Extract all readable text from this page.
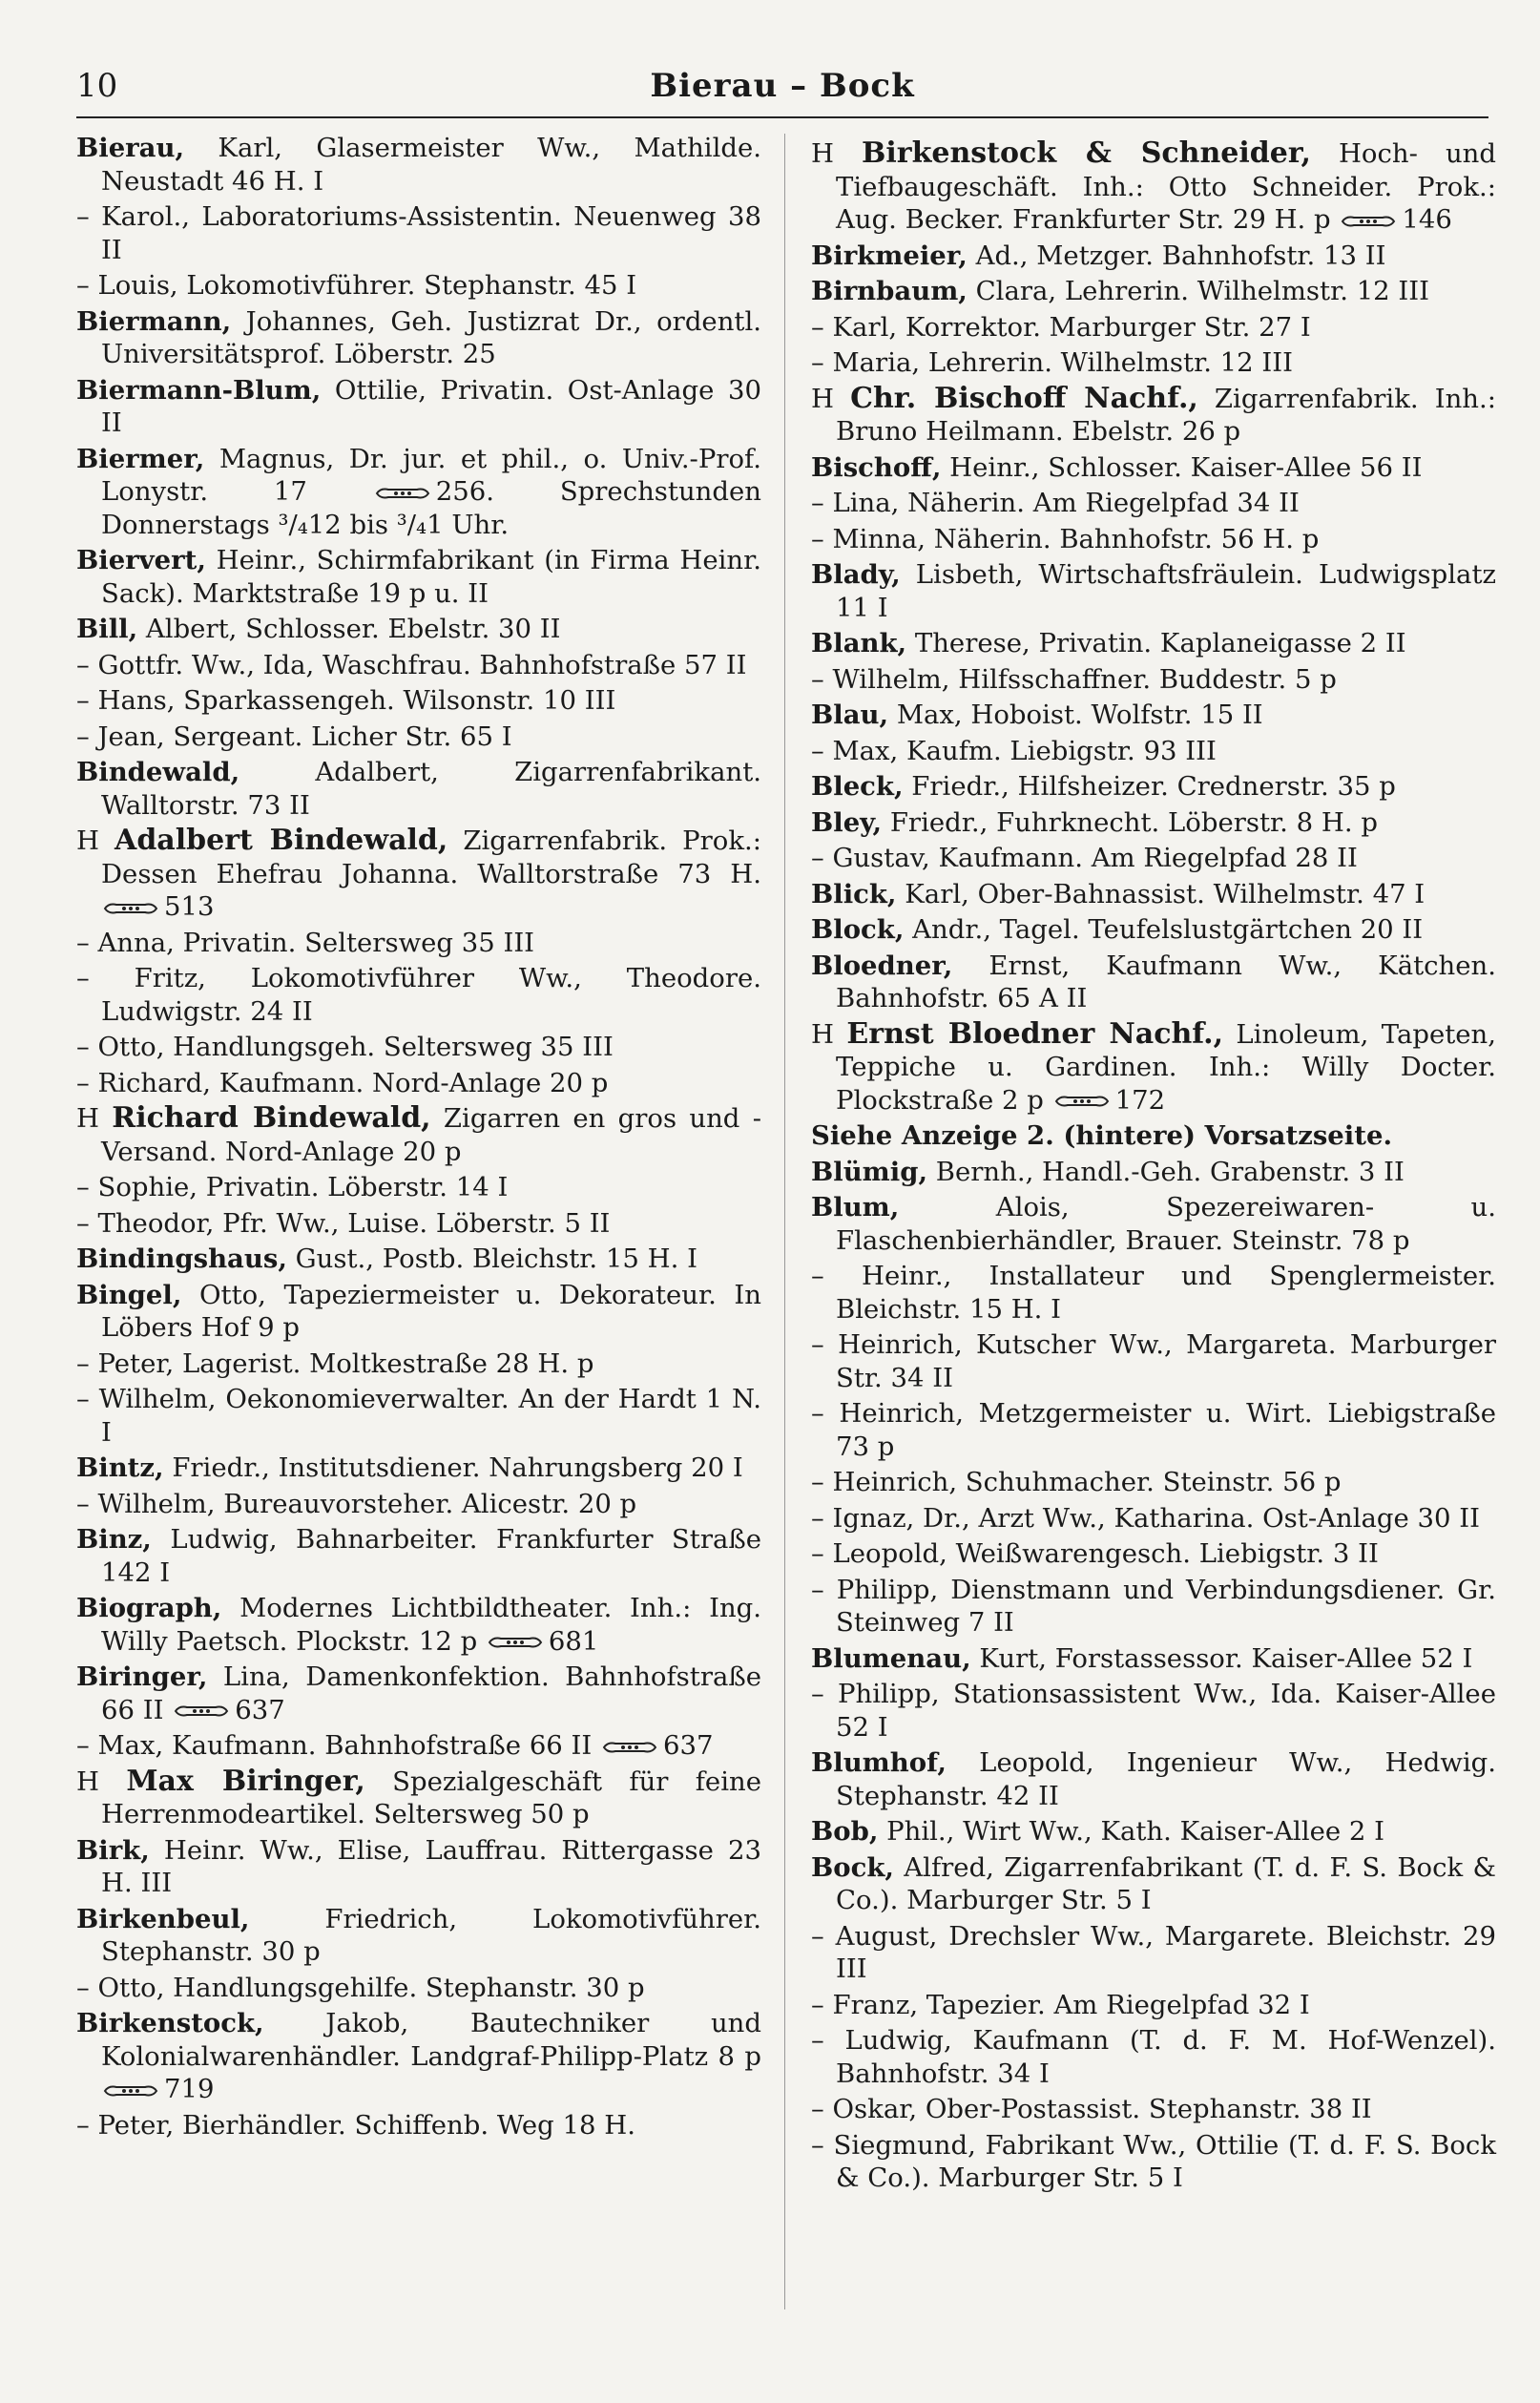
10	Bierau – Bock
Bierau, Karl, Glasermeister Ww., Mathilde. Neustadt 46 H. I
– Karol., Laboratoriums-Assistentin. Neuenweg 38 II
– Louis, Lokomotivführer. Stephanstr. 45 I
Biermann, Johannes, Geh. Justizrat Dr., ordentl. Universitätsprof. Löberstr. 25
Biermann-Blum, Ottilie, Privatin. Ost-Anlage 30 II
Biermer, Magnus, Dr. jur. et phil., o. Univ.-Prof. Lonystr. 17	256. Sprechstunden Donnerstags ³/₄12 bis ³/₄1 Uhr.
Biervert, Heinr., Schirmfabrikant (in Firma Heinr. Sack). Marktstraße 19 p u. II
Bill, Albert, Schlosser. Ebelstr. 30 II
– Gottfr. Ww., Ida, Waschfrau. Bahnhofstraße 57 II
– Hans, Sparkassengeh. Wilsonstr. 10 III
– Jean, Sergeant. Licher Str. 65 I
Bindewald, Adalbert, Zigarrenfabrikant. Walltorstr. 73 II
H Adalbert Bindewald, Zigarrenfabrik. Prok.: Dessen Ehefrau Johanna. Walltorstraße 73 H.
513
– Anna, Privatin. Seltersweg 35 III
– Fritz, Lokomotivführer Ww., Theodore. Ludwigstr. 24 II
– Otto, Handlungsgeh. Seltersweg 35 III
– Richard, Kaufmann. Nord-Anlage 20 p
H Richard Bindewald, Zigarren en gros und -Versand. Nord-Anlage 20 p
– Sophie, Privatin. Löberstr. 14 I
– Theodor, Pfr. Ww., Luise. Löberstr. 5 II
Bindingshaus, Gust., Postb. Bleichstr. 15 H. I
Bingel, Otto, Tapeziermeister u. Dekorateur. In Löbers Hof 9 p
– Peter, Lagerist. Moltkestraße 28 H. p
– Wilhelm, Oekonomieverwalter. An der Hardt 1 N. I
Bintz, Friedr., Institutsdiener. Nahrungsberg 20 I
– Wilhelm, Bureauvorsteher. Alicestr. 20 p
Binz, Ludwig, Bahnarbeiter. Frankfurter Straße 142 I
Biograph, Modernes Lichtbildtheater. Inh.: Ing. Willy Paetsch. Plockstr. 12 p	681
Biringer, Lina, Damenkonfektion. Bahnhofstraße 66 II	637
– Max, Kaufmann. Bahnhofstraße 66 II	637
H Max Biringer, Spezialgeschäft für feine Herrenmodeartikel. Seltersweg 50 p
Birk, Heinr. Ww., Elise, Lauffrau. Rittergasse 23 H. III
Birkenbeul, Friedrich, Lokomotivführer. Stephanstr. 30 p
– Otto, Handlungsgehilfe. Stephanstr. 30 p
Birkenstock, Jakob, Bautechniker und Kolonialwarenhändler. Landgraf-Philipp-Platz 8 p
719
– Peter, Bierhändler. Schiffenb. Weg 18 H.
H Birkenstock & Schneider, Hoch- und Tiefbaugeschäft. Inh.: Otto Schneider. Prok.: Aug. Becker. Frankfurter Str. 29 H. p	146
Birkmeier, Ad., Metzger. Bahnhofstr. 13 II
Birnbaum, Clara, Lehrerin. Wilhelmstr. 12 III
– Karl, Korrektor. Marburger Str. 27 I
– Maria, Lehrerin. Wilhelmstr. 12 III
H Chr. Bischoff Nachf., Zigarrenfabrik. Inh.: Bruno Heilmann. Ebelstr. 26 p
Bischoff, Heinr., Schlosser. Kaiser-Allee 56 II
– Lina, Näherin. Am Riegelpfad 34 II
– Minna, Näherin. Bahnhofstr. 56 H. p
Blady, Lisbeth, Wirtschaftsfräulein. Ludwigsplatz 11 I
Blank, Therese, Privatin. Kaplaneigasse 2 II
– Wilhelm, Hilfsschaffner. Buddestr. 5 p
Blau, Max, Hoboist. Wolfstr. 15 II
– Max, Kaufm. Liebigstr. 93 III
Bleck, Friedr., Hilfsheizer. Crednerstr. 35 p
Bley, Friedr., Fuhrknecht. Löberstr. 8 H. p
– Gustav, Kaufmann. Am Riegelpfad 28 II
Blick, Karl, Ober-Bahnassist. Wilhelmstr. 47 I
Block, Andr., Tagel. Teufelslustgärtchen 20 II
Bloedner, Ernst, Kaufmann Ww., Kätchen. Bahnhofstr. 65 A II
H Ernst Bloedner Nachf., Linoleum, Tapeten, Teppiche u. Gardinen. Inh.: Willy Docter. Plockstraße 2 p	172
Siehe Anzeige 2. (hintere) Vorsatzseite.
Blümig, Bernh., Handl.-Geh. Grabenstr. 3 II
Blum, Alois, Spezereiwaren- u. Flaschenbierhändler, Brauer. Steinstr. 78 p
– Heinr., Installateur und Spenglermeister. Bleichstr. 15 H. I
– Heinrich, Kutscher Ww., Margareta. Marburger Str. 34 II
– Heinrich, Metzgermeister u. Wirt. Liebigstraße 73 p
– Heinrich, Schuhmacher. Steinstr. 56 p
– Ignaz, Dr., Arzt Ww., Katharina. Ost-Anlage 30 II
– Leopold, Weißwarengesch. Liebigstr. 3 II
– Philipp, Dienstmann und Verbindungsdiener. Gr. Steinweg 7 II
Blumenau, Kurt, Forstassessor. Kaiser-Allee 52 I
– Philipp, Stationsassistent Ww., Ida. Kaiser-Allee 52 I
Blumhof, Leopold, Ingenieur Ww., Hedwig. Stephanstr. 42 II
Bob, Phil., Wirt Ww., Kath. Kaiser-Allee 2 I
Bock, Alfred, Zigarrenfabrikant (T. d. F. S. Bock & Co.). Marburger Str. 5 I
– August, Drechsler Ww., Margarete. Bleichstr. 29 III
– Franz, Tapezier. Am Riegelpfad 32 I
– Ludwig, Kaufmann (T. d. F. M. Hof-Wenzel). Bahnhofstr. 34 I
– Oskar, Ober-Postassist. Stephanstr. 38 II
– Siegmund, Fabrikant Ww., Ottilie (T. d. F. S. Bock & Co.). Marburger Str. 5 I
